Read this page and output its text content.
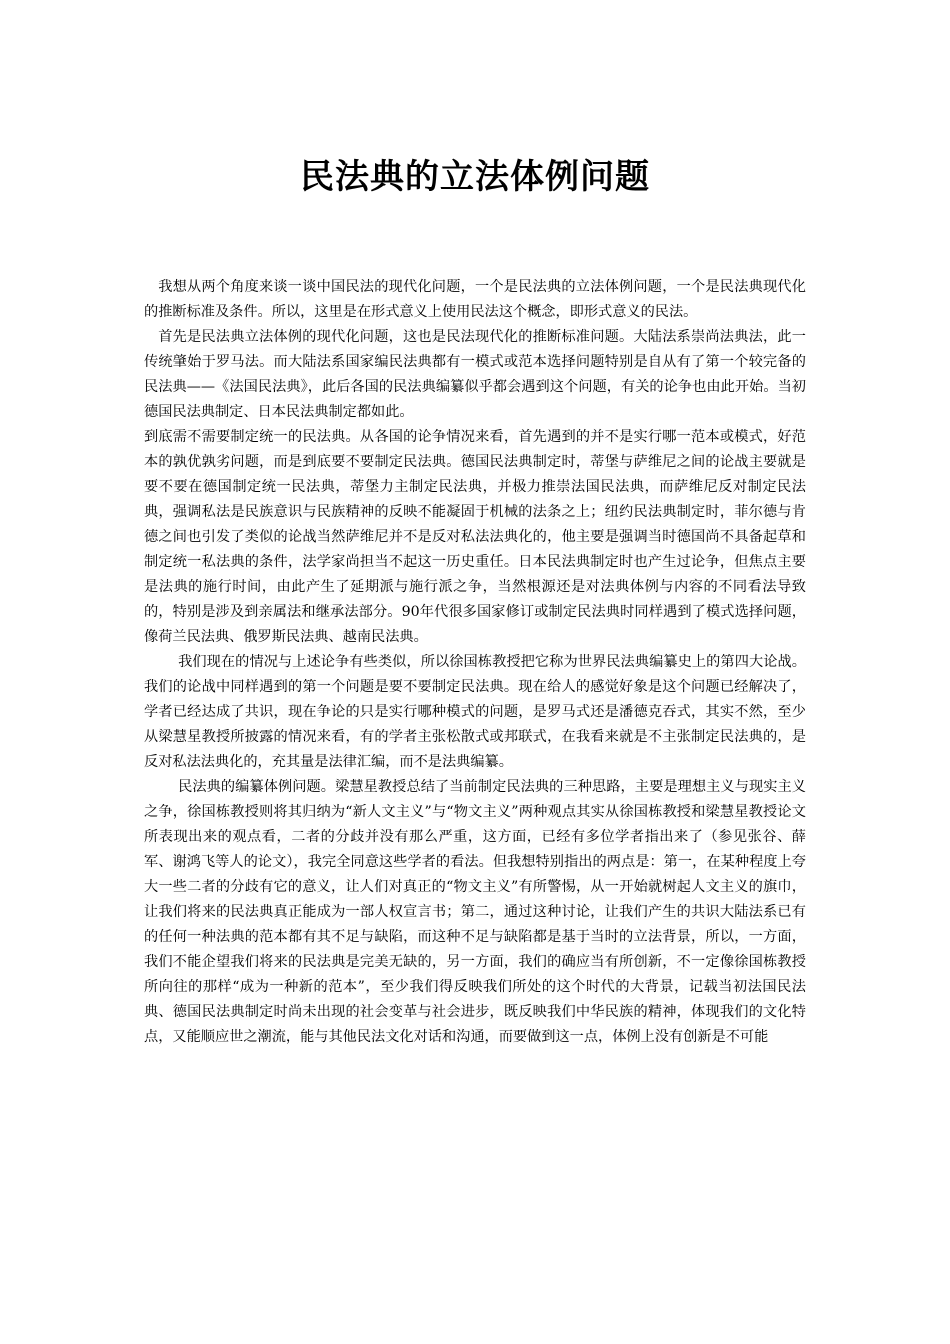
民法典的立法体例问题

我想从两个角度来谈一谈中国民法的现代化问题，一个是民法典的立法体例问题，一个是民法典现代化的推断标准及条件。所以，这里是在形式意义上使用民法这个概念，即形式意义的民法。

首先是民法典立法体例的现代化问题，这也是民法现代化的推断标准问题。大陆法系崇尚法典法，此一传统肇始于罗马法。而大陆法系国家编民法典都有一模式或范本选择问题特别是自从有了第一个较完备的民法典——《法国民法典》，此后各国的民法典编纂似乎都会遇到这个问题，有关的论争也由此开始。当初德国民法典制定、日本民法典制定都如此。

到底需不需要制定统一的民法典。从各国的论争情况来看，首先遇到的并不是实行哪一范本或模式，好范本的孰优孰劣问题，而是到底要不要制定民法典。德国民法典制定时，蒂堡与萨维尼之间的论战主要就是要不要在德国制定统一民法典，蒂堡力主制定民法典，并极力推崇法国民法典，而萨维尼反对制定民法典，强调私法是民族意识与民族精神的反映不能凝固于机械的法条之上；纽约民法典制定时，菲尔德与肯德之间也引发了类似的论战当然萨维尼并不是反对私法法典化的，他主要是强调当时德国尚不具备起草和制定统一私法典的条件，法学家尚担当不起这一历史重任。日本民法典制定时也产生过论争，但焦点主要是法典的施行时间，由此产生了延期派与施行派之争，当然根源还是对法典体例与内容的不同看法导致的，特别是涉及到亲属法和继承法部分。90年代很多国家修订或制定民法典时同样遇到了模式选择问题，像荷兰民法典、俄罗斯民法典、越南民法典。

我们现在的情况与上述论争有些类似，所以徐国栋教授把它称为世界民法典编纂史上的第四大论战。我们的论战中同样遇到的第一个问题是要不要制定民法典。现在给人的感觉好象是这个问题已经解决了，学者已经达成了共识，现在争论的只是实行哪种模式的问题，是罗马式还是潘德克吞式，其实不然，至少从梁慧星教授所披露的情况来看，有的学者主张松散式或邦联式，在我看来就是不主张制定民法典的，是反对私法法典化的，充其量是法律汇编，而不是法典编纂。

民法典的编纂体例问题。梁慧星教授总结了当前制定民法典的三种思路，主要是理想主义与现实主义之争，徐国栋教授则将其归纳为“新人文主义”与“物文主义”两种观点其实从徐国栋教授和梁慧星教授论文所表现出来的观点看，二者的分歧并没有那么严重，这方面，已经有多位学者指出来了（参见张谷、薛军、谢鸿飞等人的论文），我完全同意这些学者的看法。但我想特别指出的两点是：第一，在某种程度上夸大一些二者的分歧有它的意义，让人们对真正的“物文主义”有所警惕，从一开始就树起人文主义的旗巾，让我们将来的民法典真正能成为一部人权宣言书；第二，通过这种讨论，让我们产生的共识大陆法系已有的任何一种法典的范本都有其不足与缺陷，而这种不足与缺陷都是基于当时的立法背景，所以，一方面，我们不能企望我们将来的民法典是完美无缺的，另一方面，我们的确应当有所创新，不一定像徐国栋教授所向往的那样“成为一种新的范本”，至少我们得反映我们所处的这个时代的大背景，记载当初法国民法典、德国民法典制定时尚未出现的社会变革与社会进步，既反映我们中华民族的精神，体现我们的文化特点，又能顺应世之潮流，能与其他民法文化对话和沟通，而要做到这一点，体例上没有创新是不可能
